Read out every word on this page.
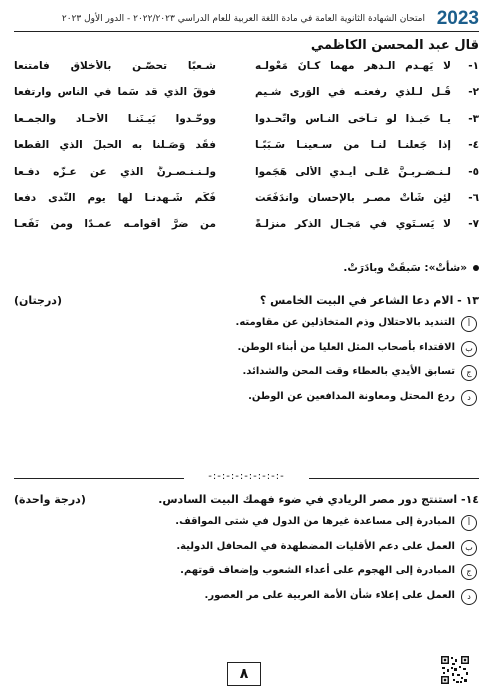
2023
امتحان الشهادة الثانوية العامة في مادة اللغة العربية للعام الدراسي ٢٠٢٢/٢٠٢٣ - الدور الأول ٢٠٢٣
قال عبد المحسن الكاظمي
١-
لا يَهـدم الـدهر مهما كـانَ مَعْولـه
شـعبًا تحصّـن بالأخلاق فامتنعا
٢-
قُـل لـلذي رفعتـه في الوَرى شـيم
فوقَ الذي قد سَما في الناس وارتفعا
٣-
يـا حَبـذا لو تـآخى النـاس واتَّحـدوا
ووحّـدوا بَيـنَنـا الأحـاد والجمـعا
٤-
إذا جَعلنـا لنـا من سـعينـا سَـبَبًـا
فقَد وَصَـلنا به الحبلَ الذي القطعا
٥-
لـنـضـربـنَّ عَلـى أَيـدي الأُلى هَجَموا
ولـنـنـصـرنَّ الذي عن عـزّه دفـعا
٦-
لَئِن شَأتْ مصـر بالإحسان واندَفَعَت
فَكَم شَـهِدنـا لَها يوم النَّدى دفعا
٧-
لا يَسـتَوي في مَجـال الذكر منزلـةً
من ضرَّ أَقوامـه عمـدًا ومن نَفَعـا
«شأتْ»: سَبقَتْ وبادَرَتْ.
١٣ - الام دعا الشاعر في البيت الخامس ؟
(درجتان)
أ
التنديد بالاحتلال وذم المتخاذلين عن مقاومته.
ب
الاقتداء بأصحاب المثل العليا من أبناء الوطن.
ج
تسابق الأيدي بالعطاء وقت المحن والشدائد.
د
ردع المحتل ومعاونة المدافعين عن الوطن.
-:-:-:-:-:-:-:-:-
١٤- استنتج دور مصر الريادي في ضوء فهمك البيت السادس.
(درجة واحدة)
أ
المبادرة إلى مساعدة غيرها من الدول في شتى المواقف.
ب
العمل على دعم الأقليات المضطهدة في المحافل الدولية.
ج
المبادرة إلى الهجوم على أعداء الشعوب وإضعاف قوتهم.
د
العمل على إعلاء شأن الأمة العربية على مر العصور.
٨
